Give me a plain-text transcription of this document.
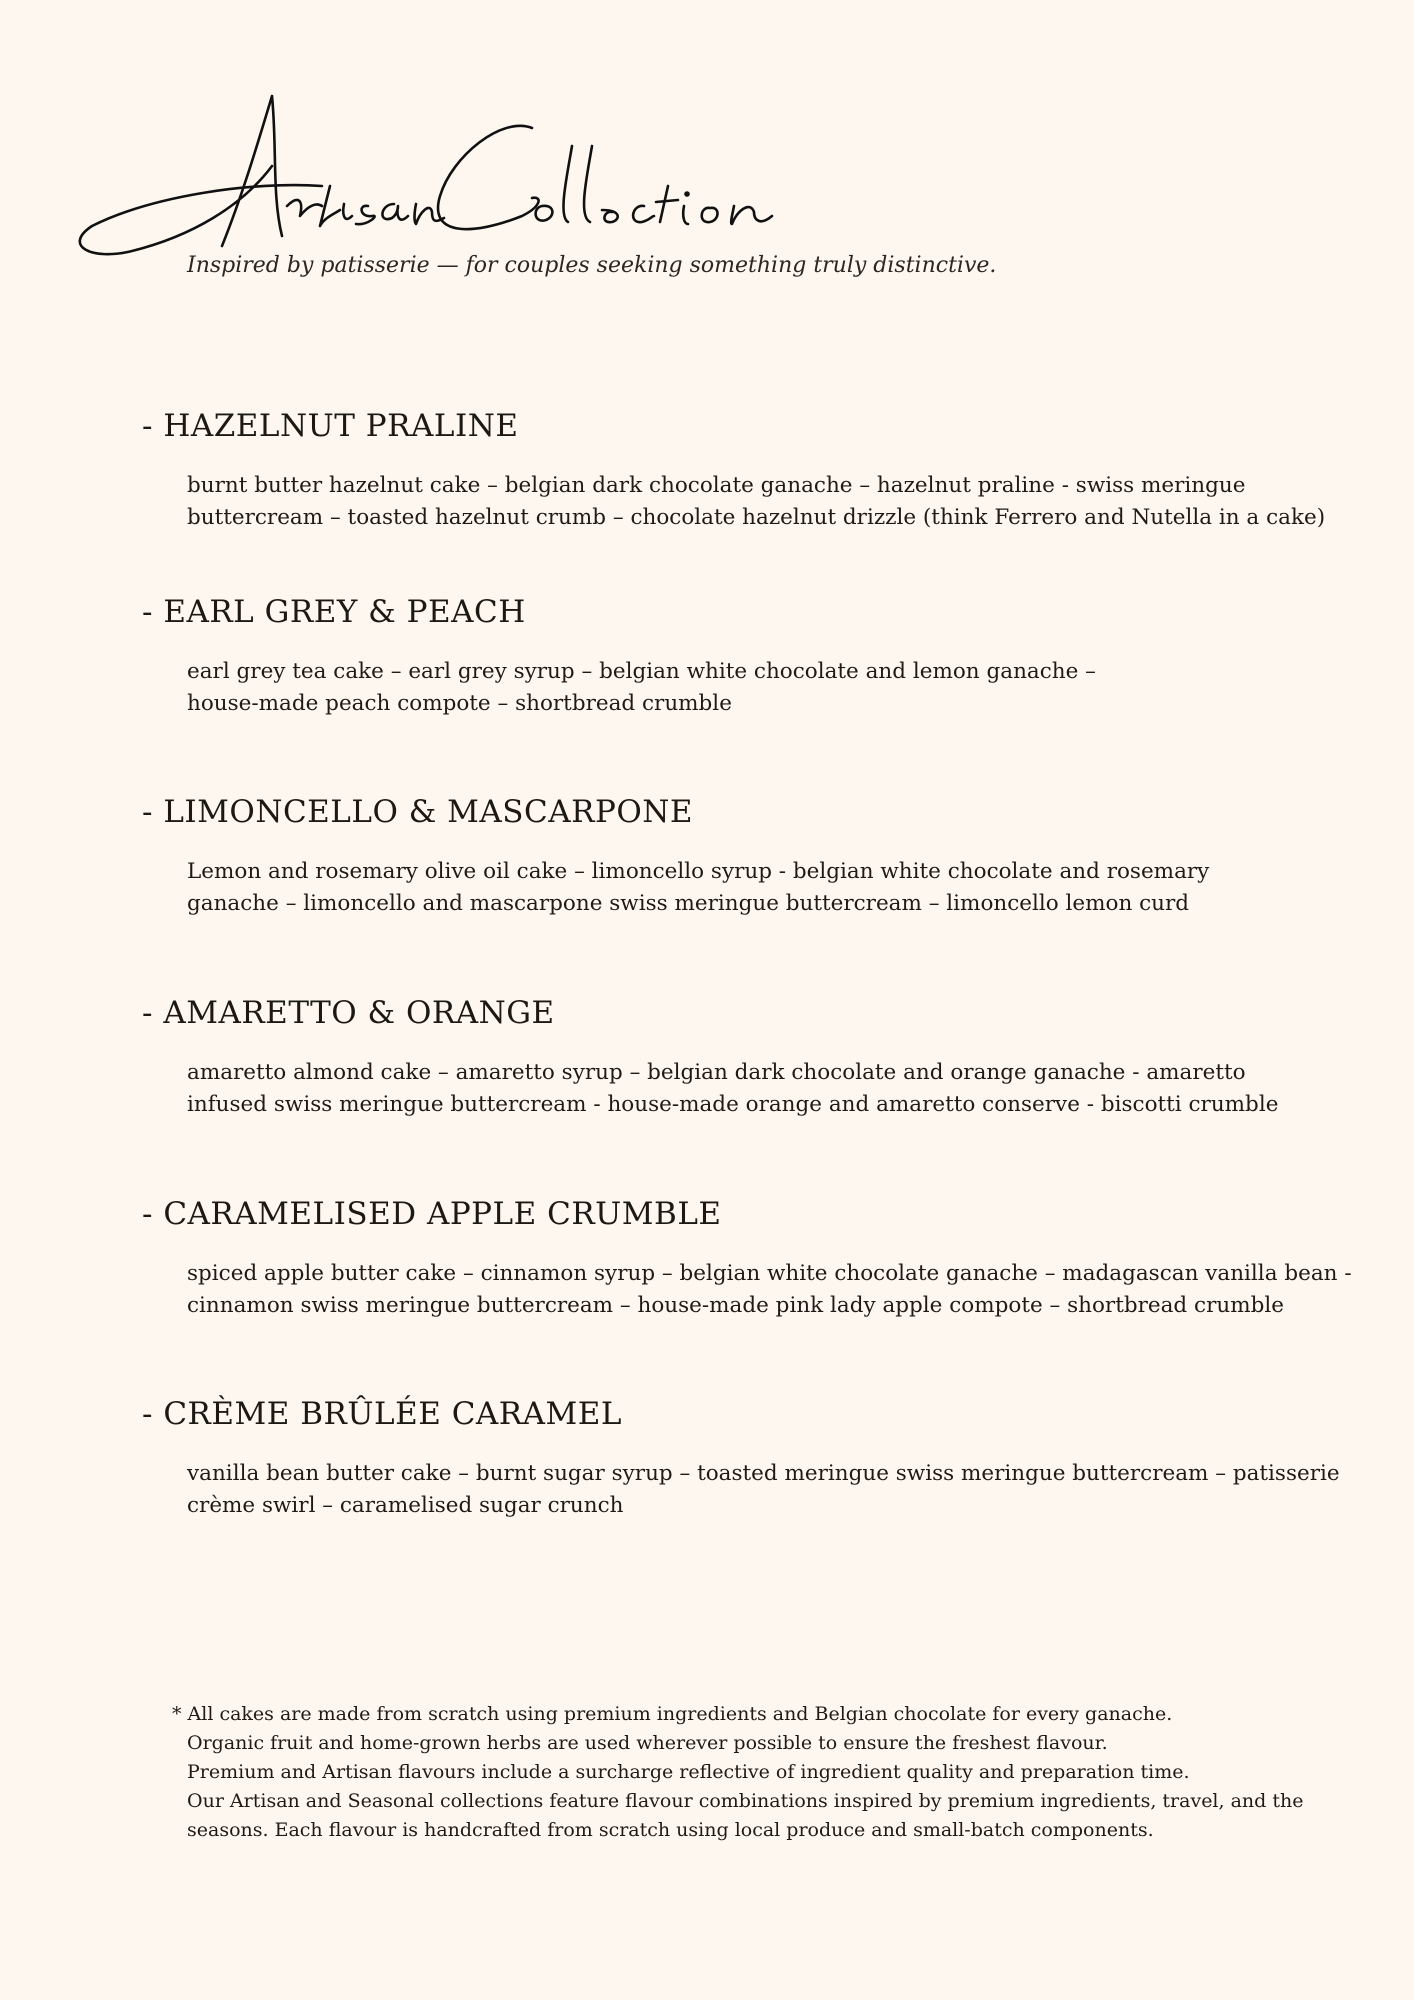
Inspired by patisserie — for couples seeking something truly distinctive.

- HAZELNUT PRALINE

burnt butter hazelnut cake – belgian dark chocolate ganache – hazelnut praline - swiss meringue
buttercream – toasted hazelnut crumb – chocolate hazelnut drizzle (think Ferrero and Nutella in a cake)

- EARL GREY & PEACH

earl grey tea cake – earl grey syrup – belgian white chocolate and lemon ganache –
house-made peach compote – shortbread crumble

- LIMONCELLO & MASCARPONE

Lemon and rosemary olive oil cake – limoncello syrup - belgian white chocolate and rosemary
ganache – limoncello and mascarpone swiss meringue buttercream – limoncello lemon curd

- AMARETTO & ORANGE

amaretto almond cake – amaretto syrup – belgian dark chocolate and orange ganache - amaretto
infused swiss meringue buttercream - house-made orange and amaretto conserve - biscotti crumble

- CARAMELISED APPLE CRUMBLE

spiced apple butter cake – cinnamon syrup – belgian white chocolate ganache – madagascan vanilla bean -
cinnamon swiss meringue buttercream – house-made pink lady apple compote – shortbread crumble

- CRÈME BRÛLÉE CARAMEL

vanilla bean butter cake – burnt sugar syrup – toasted meringue swiss meringue buttercream – patisserie
crème swirl – caramelised sugar crunch

* All cakes are made from scratch using premium ingredients and Belgian chocolate for every ganache.
Organic fruit and home-grown herbs are used wherever possible to ensure the freshest flavour.
Premium and Artisan flavours include a surcharge reflective of ingredient quality and preparation time.
Our Artisan and Seasonal collections feature flavour combinations inspired by premium ingredients, travel, and the
seasons. Each flavour is handcrafted from scratch using local produce and small-batch components.
